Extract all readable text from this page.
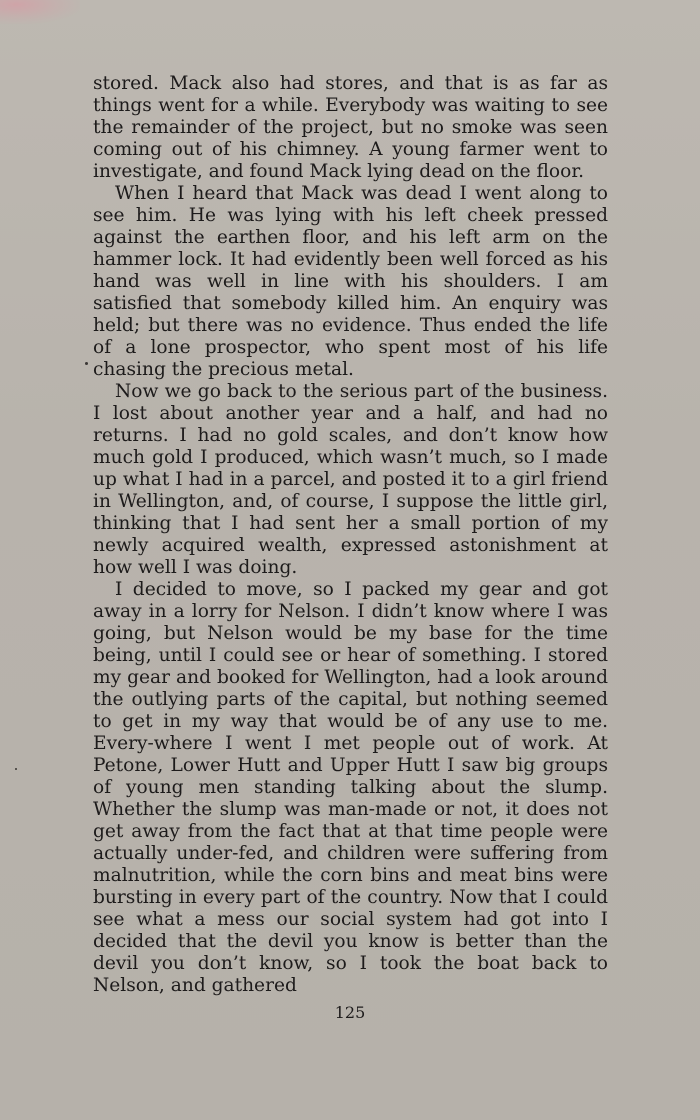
stored. Mack also had stores, and that is as far as things went for a while. Everybody was waiting to see the remainder of the project, but no smoke was seen coming out of his chimney. A young farmer went to investigate, and found Mack lying dead on the floor.

When I heard that Mack was dead I went along to see him. He was lying with his left cheek pressed against the earthen floor, and his left arm on the hammer lock. It had evidently been well forced as his hand was well in line with his shoulders. I am satisfied that somebody killed him. An enquiry was held; but there was no evidence. Thus ended the life of a lone prospector, who spent most of his life chasing the precious metal.

Now we go back to the serious part of the business. I lost about another year and a half, and had no returns. I had no gold scales, and don’t know how much gold I produced, which wasn’t much, so I made up what I had in a parcel, and posted it to a girl friend in Wellington, and, of course, I suppose the little girl, thinking that I had sent her a small portion of my newly acquired wealth, expressed astonishment at how well I was doing.

I decided to move, so I packed my gear and got away in a lorry for Nelson. I didn’t know where I was going, but Nelson would be my base for the time being, until I could see or hear of something. I stored my gear and booked for Wellington, had a look around the outlying parts of the capital, but nothing seemed to get in my way that would be of any use to me. Every-where I went I met people out of work. At Petone, Lower Hutt and Upper Hutt I saw big groups of young men standing talking about the slump. Whether the slump was man-made or not, it does not get away from the fact that at that time people were actually under-fed, and children were suffering from malnutrition, while the corn bins and meat bins were bursting in every part of the country. Now that I could see what a mess our social system had got into I decided that the devil you know is better than the devil you don’t know, so I took the boat back to Nelson, and gathered

125
